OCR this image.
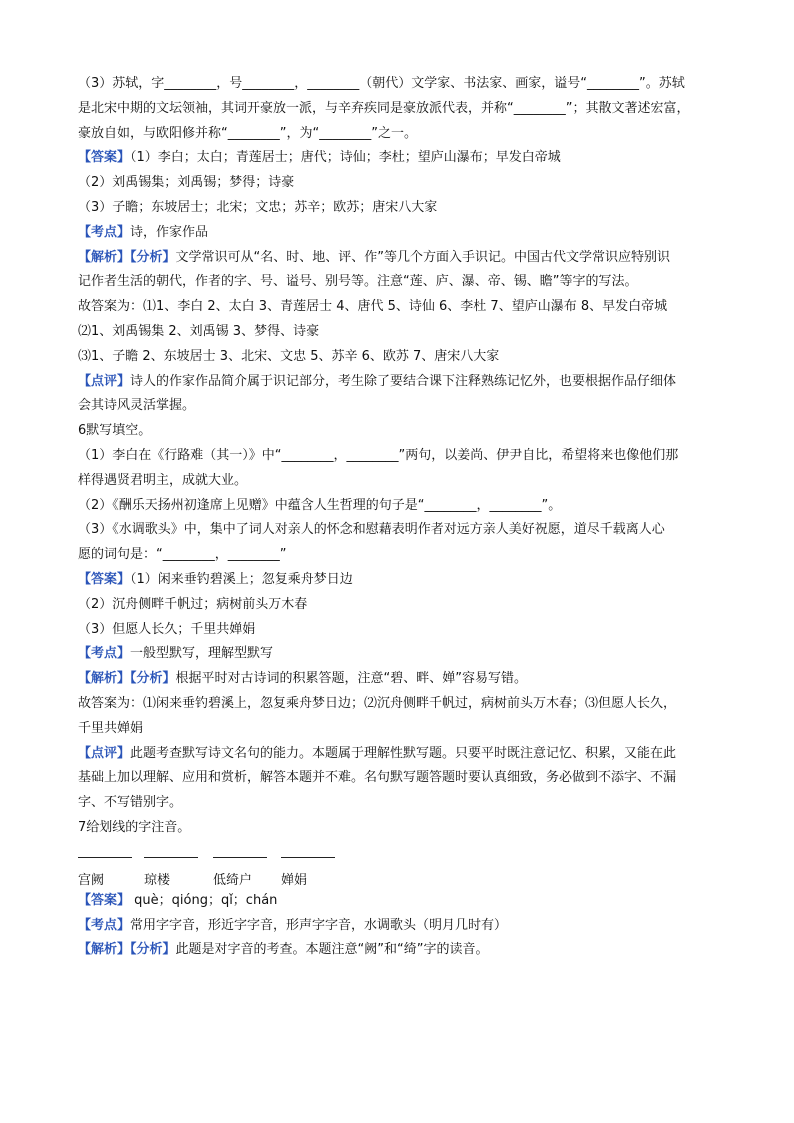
（3）苏轼，字________，号________，________（朝代）文学家、书法家、画家，谥号“________”。苏轼
是北宋中期的文坛领袖，其词开豪放一派，与辛弃疾同是豪放派代表，并称“________”；其散文著述宏富，
豪放自如，与欧阳修并称“________”，为“________”之一。
【答案】（1）李白；太白；青莲居士；唐代；诗仙；李杜；望庐山瀑布；早发白帝城
（2）刘禹锡集；刘禹锡；梦得；诗豪
（3）子瞻；东坡居士；北宋；文忠；苏辛；欧苏；唐宋八大家
【考点】诗，作家作品
【解析】【分析】文学常识可从“名、时、地、评、作”等几个方面入手识记。中国古代文学常识应特别识
记作者生活的朝代，作者的字、号、谥号、别号等。注意“莲、庐、瀑、帝、锡、瞻”等字的写法。
故答案为：⑴1、李白 2、太白 3、青莲居士 4、唐代 5、诗仙 6、李杜 7、望庐山瀑布 8、早发白帝城
⑵1、刘禹锡集 2、刘禹锡 3、梦得、诗豪
⑶1、子瞻 2、东坡居士 3、北宋、文忠 5、苏辛 6、欧苏 7、唐宋八大家
【点评】诗人的作家作品简介属于识记部分，考生除了要结合课下注释熟练记忆外，也要根据作品仔细体
会其诗风灵活掌握。
6默写填空。
（1）李白在《行路难（其一）》中“________，________”两句，以姜尚、伊尹自比，希望将来也像他们那
样得遇贤君明主，成就大业。
（2）《酬乐天扬州初逢席上见赠》中蕴含人生哲理的句子是“________，________”。
（3）《水调歌头》中，集中了词人对亲人的怀念和慰藉表明作者对远方亲人美好祝愿，道尽千载离人心
愿的词句是：“________，________”
【答案】（1）闲来垂钓碧溪上；忽复乘舟梦日边
（2）沉舟侧畔千帆过；病树前头万木春
（3）但愿人长久；千里共婵娟
【考点】一般型默写，理解型默写
【解析】【分析】根据平时对古诗词的积累答题，注意“碧、畔、婵”容易写错。
故答案为：⑴闲来垂钓碧溪上，忽复乘舟梦日边；⑵沉舟侧畔千帆过，病树前头万木春；⑶但愿人长久，
千里共婵娟
【点评】此题考查默写诗文名句的能力。本题属于理解性默写题。只要平时既注意记忆、积累，又能在此
基础上加以理解、应用和赏析，解答本题并不难。名句默写题答题时要认真细致，务必做到不添字、不漏
字、不写错别字。
7给划线的字注音。
宫阙	琼楼	低绮户 婵娟
【答案】 què；qióng；qǐ；chán
【考点】常用字字音，形近字字音，形声字字音，水调歌头（明月几时有）
【解析】【分析】此题是对字音的考查。本题注意“阙”和“绮”字的读音。
